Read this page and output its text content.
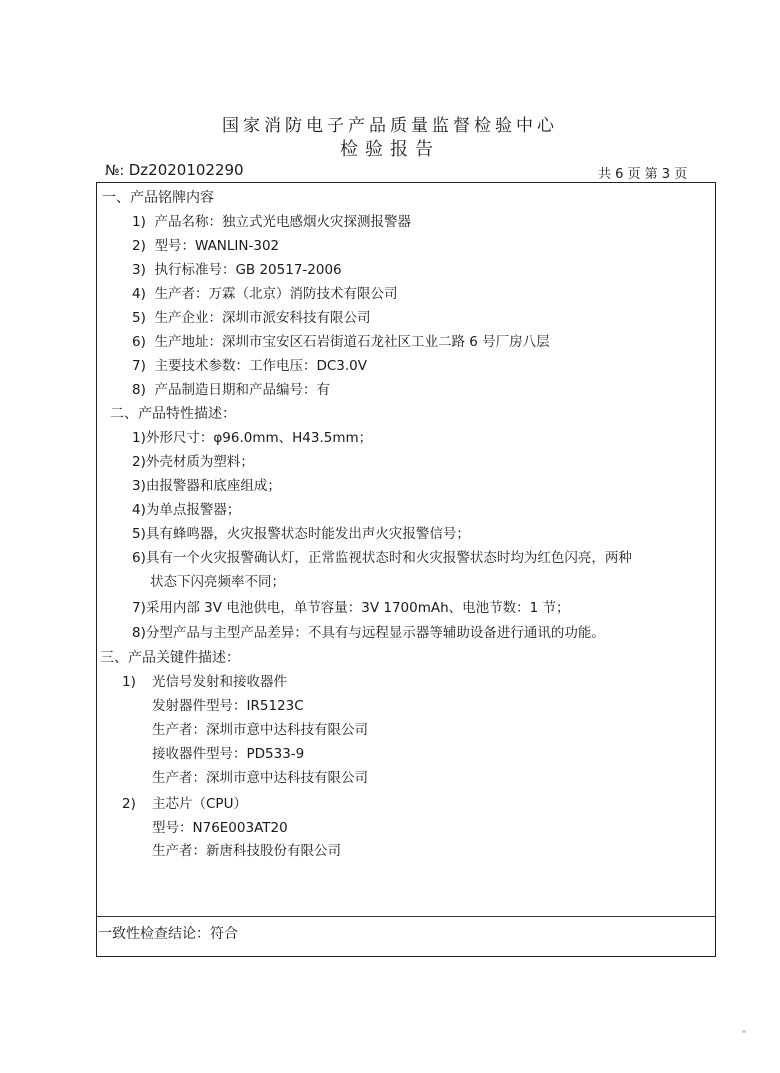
国家消防电子产品质量监督检验中心
检验报告
№: Dz2020102290	共 6 页 第 3 页
一、产品铭牌内容
1) 产品名称：独立式光电感烟火灾探测报警器
2) 型号：WANLIN-302
3) 执行标准号：GB 20517-2006
4) 生产者：万霖（北京）消防技术有限公司
5) 生产企业：深圳市派安科技有限公司
6) 生产地址：深圳市宝安区石岩街道石龙社区工业二路 6 号厂房八层
7) 主要技术参数：工作电压：DC3.0V
8) 产品制造日期和产品编号：有
二、产品特性描述：
1)外形尺寸：φ96.0mm、H43.5mm；
2)外壳材质为塑料；
3)由报警器和底座组成；
4)为单点报警器；
5)具有蜂鸣器，火灾报警状态时能发出声火灾报警信号；
6)具有一个火灾报警确认灯，正常监视状态时和火灾报警状态时均为红色闪亮，两种
状态下闪亮频率不同；
7)采用内部 3V 电池供电，单节容量：3V 1700mAh、电池节数：1 节；
8)分型产品与主型产品差异：不具有与远程显示器等辅助设备进行通讯的功能。
三、产品关键件描述：
1) 光信号发射和接收器件
发射器件型号：IR5123C
生产者：深圳市意中达科技有限公司
接收器件型号：PD533-9
生产者：深圳市意中达科技有限公司
2) 主芯片（CPU）
型号：N76E003AT20
生产者：新唐科技股份有限公司
一致性检查结论：符合
